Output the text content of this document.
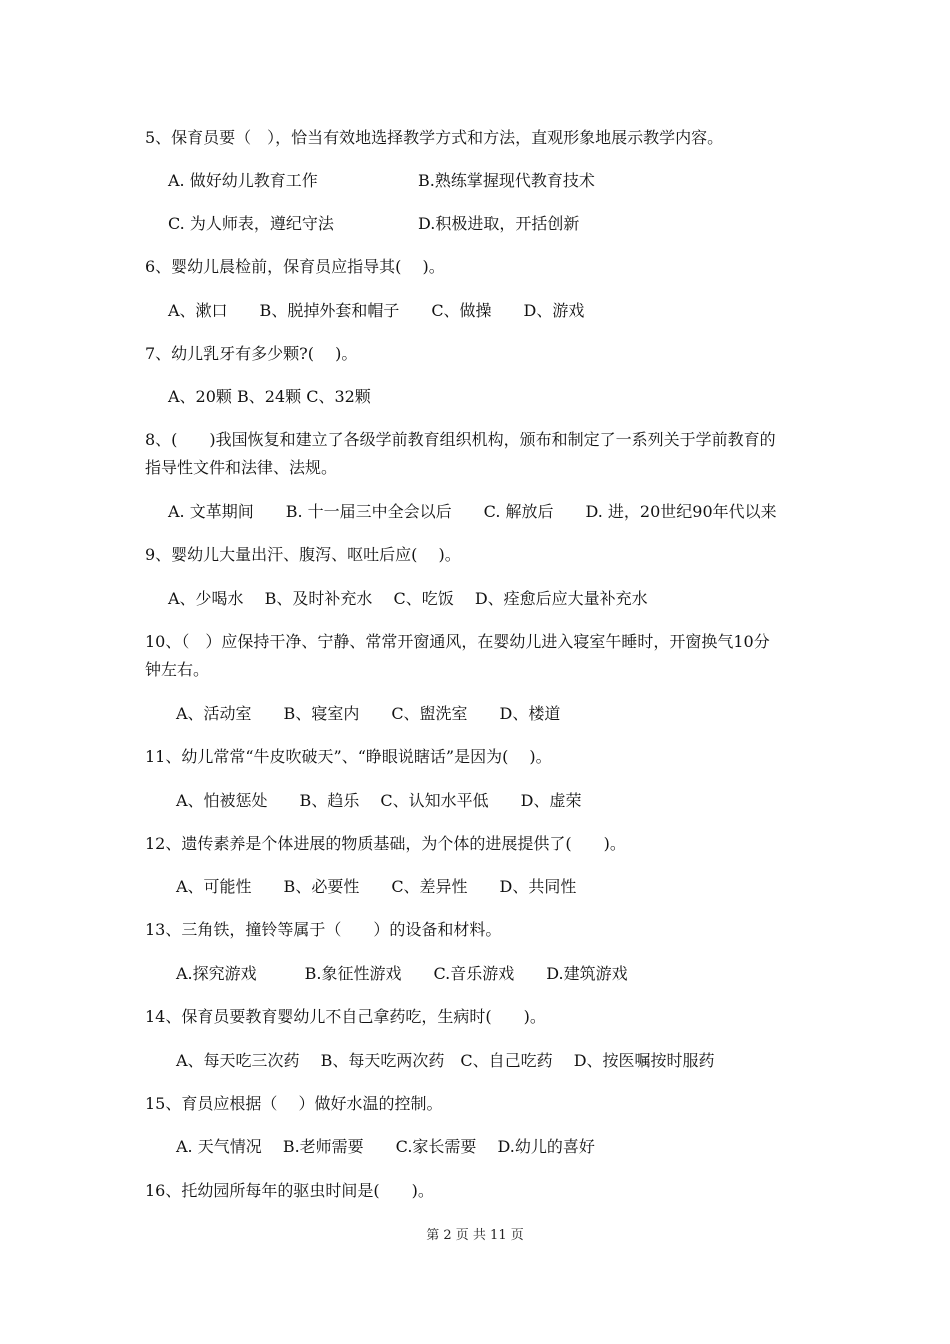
5、保育员要（　），恰当有效地选择教学方式和方法，直观形象地展示教学内容。
A. 做好幼儿教育工作	B.熟练掌握现代教育技术
C. 为人师表，遵纪守法	D.积极进取，开括创新
6、婴幼儿晨检前，保育员应指导其(　 )。
A、漱口　　B、脱掉外套和帽子　　C、做操　　D、游戏
7、幼儿乳牙有多少颗?(　 )。
A、20颗 B、24颗 C、32颗
8、(　　)我国恢复和建立了各级学前教育组织机构，颁布和制定了一系列关于学前教育的
指导性文件和法律、法规。
A. 文革期间　　B. 十一届三中全会以后　　C. 解放后　　D. 进，20世纪90年代以来
9、婴幼儿大量出汗、腹泻、呕吐后应(　 )。
A、少喝水　 B、及时补充水　 C、吃饭　 D、痊愈后应大量补充水
10、（　）应保持干净、宁静、常常开窗通风，在婴幼儿进入寝室午睡时，开窗换气10分
钟左右。
A、活动室　　B、寝室内　　C、盥洗室　　D、楼道
11、幼儿常常“牛皮吹破天”、“睁眼说瞎话”是因为(　 )。
A、怕被惩处　　B、趋乐　 C、认知水平低　　D、虚荣
12、遗传素养是个体进展的物质基础，为个体的进展提供了(　　)。
A、可能性　　B、必要性　　C、差异性　　D、共同性
13、三角铁，撞铃等属于（　　）的设备和材料。
A.探究游戏　　　B.象征性游戏　　C.音乐游戏　　D.建筑游戏
14、保育员要教育婴幼儿不自己拿药吃，生病时(　　)。
A、每天吃三次药　 B、每天吃两次药　C、自己吃药　 D、按医嘱按时服药
15、育员应根据（　 ）做好水温的控制。
A. 天气情况　 B.老师需要　　C.家长需要　 D.幼儿的喜好
16、托幼园所每年的驱虫时间是(　　)。
第 2 页 共 11 页
